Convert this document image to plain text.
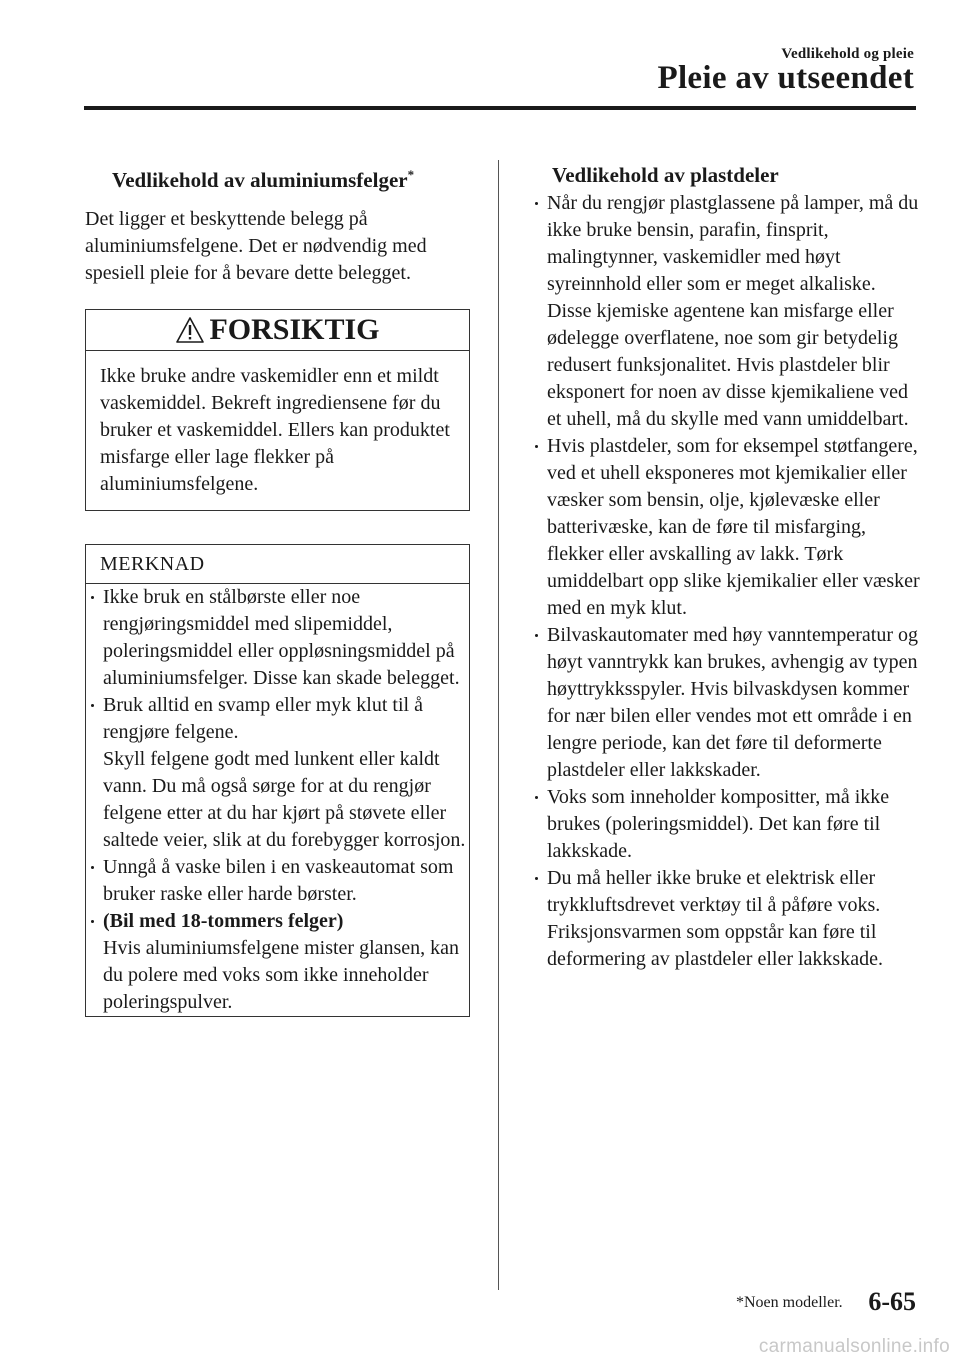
Vedlikehold og pleie
Pleie av utseendet
Vedlikehold av aluminiumsfelger*
Det ligger et beskyttende belegg på aluminiumsfelgene. Det er nødvendig med spesiell pleie for å bevare dette belegget.
FORSIKTIG
Ikke bruke andre vaskemidler enn et mildt vaskemiddel. Bekreft ingrediensene før du bruker et vaskemiddel. Ellers kan produktet misfarge eller lage flekker på aluminiumsfelgene.
MERKNAD
Ikke bruk en stålbørste eller noe rengjøringsmiddel med slipemiddel, poleringsmiddel eller oppløsningsmiddel på aluminiumsfelger. Disse kan skade belegget.
Bruk alltid en svamp eller myk klut til å rengjøre felgene.
Skyll felgene godt med lunkent eller kaldt vann. Du må også sørge for at du rengjør felgene etter at du har kjørt på støvete eller saltede veier, slik at du forebygger korrosjon.
Unngå å vaske bilen i en vaskeautomat som bruker raske eller harde børster.
(Bil med 18-tommers felger)
Hvis aluminiumsfelgene mister glansen, kan du polere med voks som ikke inneholder poleringspulver.
Vedlikehold av plastdeler
Når du rengjør plastglassene på lamper, må du ikke bruke bensin, parafin, finsprit, malingtynner, vaskemidler med høyt syreinnhold eller som er meget alkaliske. Disse kjemiske agentene kan misfarge eller ødelegge overflatene, noe som gir betydelig redusert funksjonalitet. Hvis plastdeler blir eksponert for noen av disse kjemikaliene ved et uhell, må du skylle med vann umiddelbart.
Hvis plastdeler, som for eksempel støtfangere, ved et uhell eksponeres mot kjemikalier eller væsker som bensin, olje, kjølevæske eller batterivæske, kan de føre til misfarging, flekker eller avskalling av lakk. Tørk umiddelbart opp slike kjemikalier eller væsker med en myk klut.
Bilvaskautomater med høy vanntemperatur og høyt vanntrykk kan brukes, avhengig av typen høyttrykksspyler. Hvis bilvaskdysen kommer for nær bilen eller vendes mot ett område i en lengre periode, kan det føre til deformerte plastdeler eller lakkskader.
Voks som inneholder kompositter, må ikke brukes (poleringsmiddel). Det kan føre til lakkskade.
Du må heller ikke bruke et elektrisk eller trykkluftsdrevet verktøy til å påføre voks. Friksjonsvarmen som oppstår kan føre til deformering av plastdeler eller lakkskade.
*Noen modeller. 6-65
carmanualsonline.info
